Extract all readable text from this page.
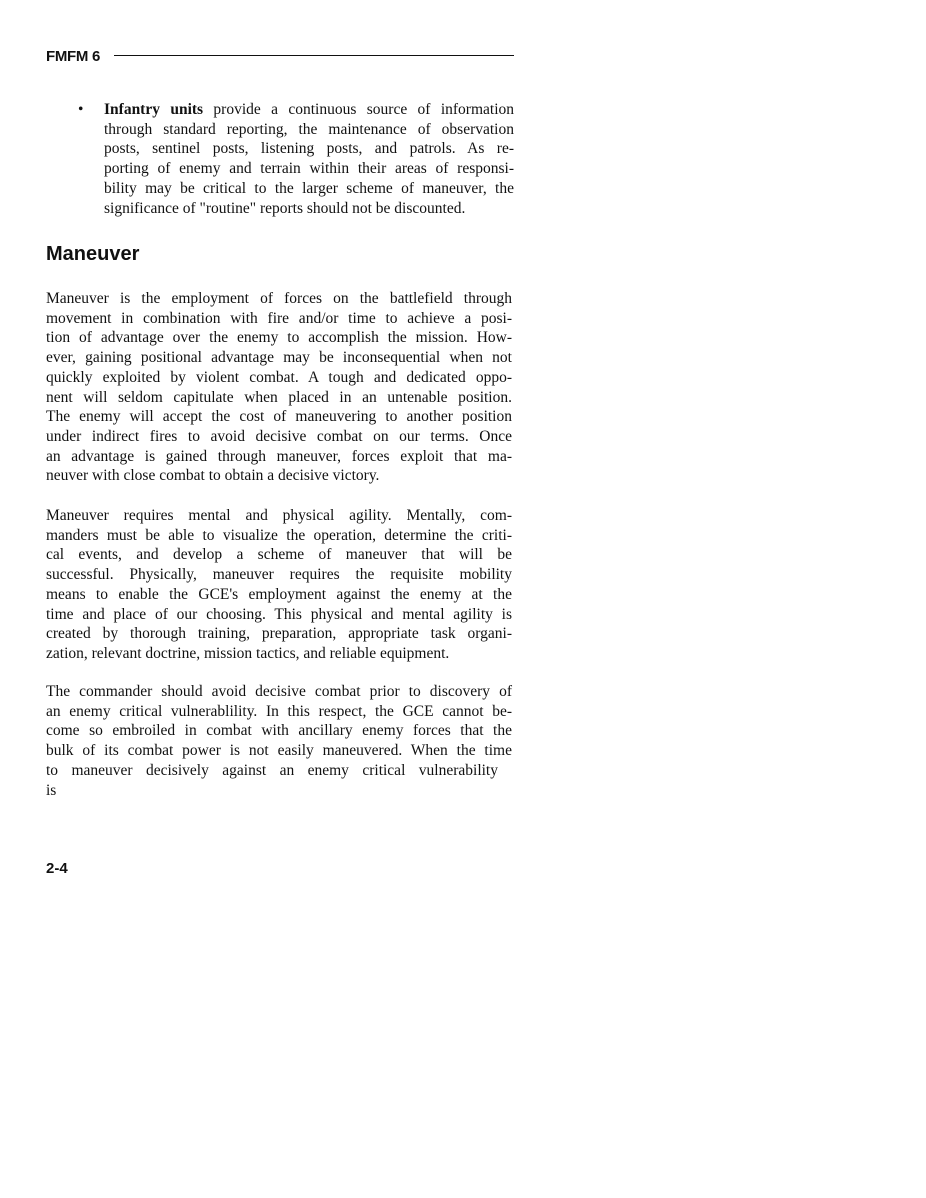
FMFM 6
• Infantry units provide a continuous source of information
through standard reporting, the maintenance of observation
posts, sentinel posts, listening posts, and patrols. As re-
porting of enemy and terrain within their areas of responsi-
bility may be critical to the larger scheme of maneuver, the
significance of "routine" reports should not be discounted.
Maneuver
Maneuver is the employment of forces on the battlefield through
movement in combination with fire and/or time to achieve a posi-
tion of advantage over the enemy to accomplish the mission. How-
ever, gaining positional advantage may be inconsequential when not
quickly exploited by violent combat. A tough and dedicated oppo-
nent will seldom capitulate when placed in an untenable position.
The enemy will accept the cost of maneuvering to another position
under indirect fires to avoid decisive combat on our terms. Once
an advantage is gained through maneuver, forces exploit that ma-
neuver with close combat to obtain a decisive victory.
Maneuver requires mental and physical agility. Mentally, com-
manders must be able to visualize the operation, determine the criti-
cal events, and develop a scheme of maneuver that will be
successful. Physically, maneuver requires the requisite mobility
means to enable the GCE's employment against the enemy at the
time and place of our choosing. This physical and mental agility is
created by thorough training, preparation, appropriate task organi-
zation, relevant doctrine, mission tactics, and reliable equipment.
The commander should avoid decisive combat prior to discovery of
an enemy critical vulnerablility. In this respect, the GCE cannot be-
come so embroiled in combat with ancillary enemy forces that the
bulk of its combat power is not easily maneuvered. When the time
to maneuver decisively against an enemy critical vulnerability
is
2-4
